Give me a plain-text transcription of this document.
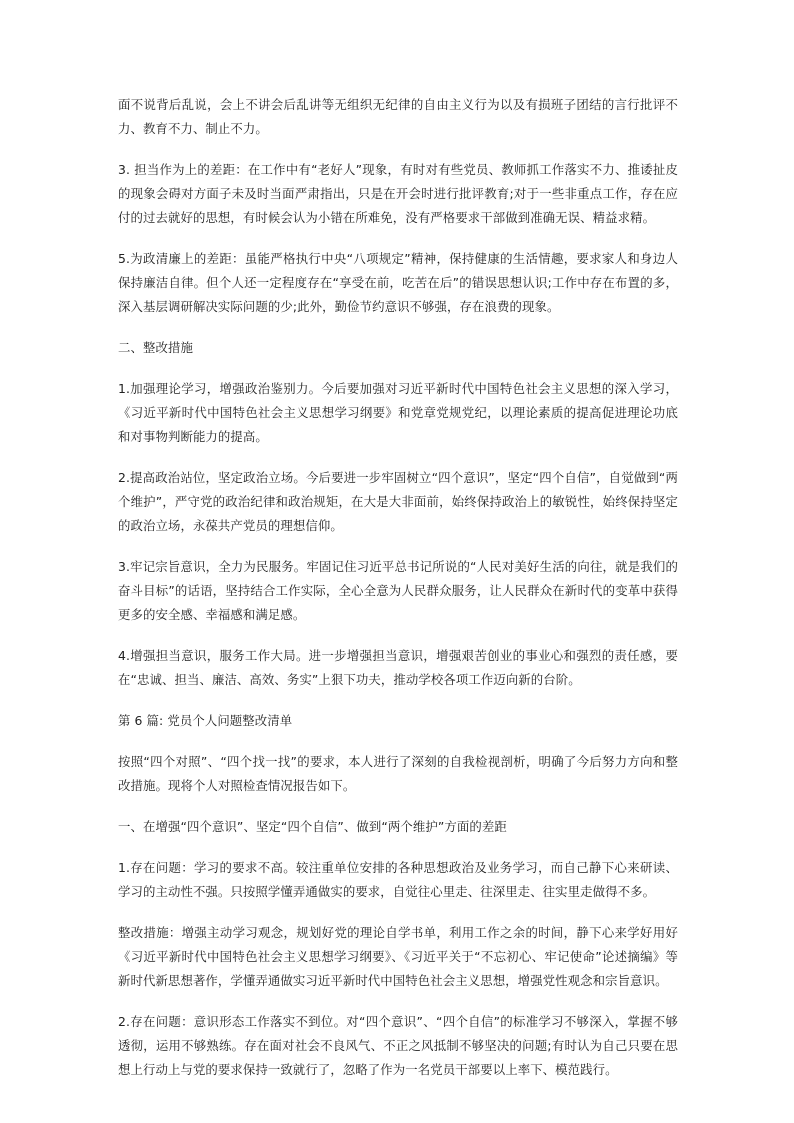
面不说背后乱说，会上不讲会后乱讲等无组织无纪律的自由主义行为以及有损班子团结的言行批评不力、教育不力、制止不力。

3. 担当作为上的差距：在工作中有“老好人”现象，有时对有些党员、教师抓工作落实不力、推诿扯皮的现象会碍对方面子未及时当面严肃指出，只是在开会时进行批评教育;对于一些非重点工作，存在应付的过去就好的思想，有时候会认为小错在所难免，没有严格要求干部做到准确无误、精益求精。

5.为政清廉上的差距：虽能严格执行中央“八项规定”精神，保持健康的生活情趣，要求家人和身边人保持廉洁自律。但个人还一定程度存在“享受在前，吃苦在后”的错误思想认识;工作中存在布置的多，深入基层调研解决实际问题的少;此外，勤俭节约意识不够强，存在浪费的现象。

二、整改措施

1.加强理论学习，增强政治鉴别力。今后要加强对习近平新时代中国特色社会主义思想的深入学习，《习近平新时代中国特色社会主义思想学习纲要》和党章党规党纪，以理论素质的提高促进理论功底和对事物判断能力的提高。

2.提高政治站位，坚定政治立场。今后要进一步牢固树立“四个意识”，坚定“四个自信”，自觉做到“两个维护”，严守党的政治纪律和政治规矩，在大是大非面前，始终保持政治上的敏锐性，始终保持坚定的政治立场，永葆共产党员的理想信仰。

3.牢记宗旨意识，全力为民服务。牢固记住习近平总书记所说的“人民对美好生活的向往，就是我们的奋斗目标”的话语，坚持结合工作实际，全心全意为人民群众服务，让人民群众在新时代的变革中获得更多的安全感、幸福感和满足感。

4.增强担当意识，服务工作大局。进一步增强担当意识，增强艰苦创业的事业心和强烈的责任感，要在“忠诚、担当、廉洁、高效、务实”上狠下功夫，推动学校各项工作迈向新的台阶。

第 6 篇: 党员个人问题整改清单

按照“四个对照”、“四个找一找”的要求，本人进行了深刻的自我检视剖析，明确了今后努力方向和整改措施。现将个人对照检查情况报告如下。

一、在增强“四个意识”、坚定“四个自信”、做到“两个维护”方面的差距

1.存在问题：学习的要求不高。较注重单位安排的各种思想政治及业务学习，而自己静下心来研读、学习的主动性不强。只按照学懂弄通做实的要求，自觉往心里走、往深里走、往实里走做得不多。

整改措施：增强主动学习观念，规划好党的理论自学书单，利用工作之余的时间，静下心来学好用好《习近平新时代中国特色社会主义思想学习纲要》、《习近平关于“不忘初心、牢记使命”论述摘编》等新时代新思想著作，学懂弄通做实习近平新时代中国特色社会主义思想，增强党性观念和宗旨意识。

2.存在问题：意识形态工作落实不到位。对“四个意识”、“四个自信”的标准学习不够深入，掌握不够透彻，运用不够熟练。存在面对社会不良风气、不正之风抵制不够坚决的问题;有时认为自己只要在思想上行动上与党的要求保持一致就行了，忽略了作为一名党员干部要以上率下、模范践行。
